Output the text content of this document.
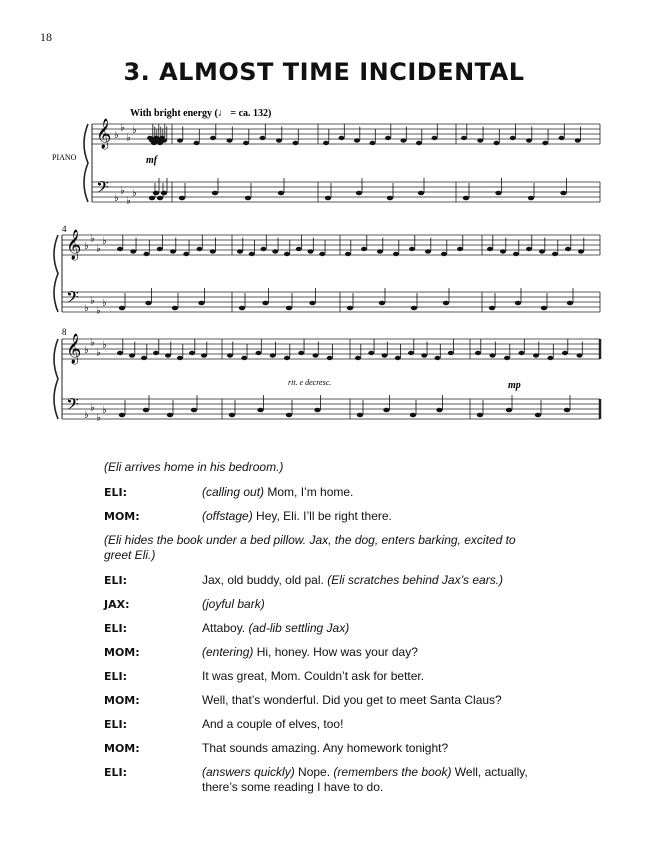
18
3. ALMOST TIME INCIDENTAL
With bright energy (♩ = ca. 132)
PIANO
4
8
mf
mp
rit. e decresc.
𝄞
𝄢
♭
♭
♭
♭
♭
♭
♭
♭
𝄞
𝄢
♭
♭
♭
♭
♭
♭
♭
♭
𝄞
𝄢
♭
♭
♭
♭
♭
♭
♭
♭
(Eli arrives home in his bedroom.)
ELI:	(calling out) Mom, I’m home.
MOM:	(offstage) Hey, Eli. I’ll be right there.
(Eli hides the book under a bed pillow. Jax, the dog, enters barking, excited to greet Eli.)
ELI:	Jax, old buddy, old pal. (Eli scratches behind Jax’s ears.)
JAX:	(joyful bark)
ELI:	Attaboy. (ad-lib settling Jax)
MOM:	(entering) Hi, honey. How was your day?
ELI:	It was great, Mom. Couldn’t ask for better.
MOM:	Well, that’s wonderful. Did you get to meet Santa Claus?
ELI:	And a couple of elves, too!
MOM:	That sounds amazing. Any homework tonight?
ELI:	(answers quickly) Nope. (remembers the book) Well, actually, there’s some reading I have to do.
